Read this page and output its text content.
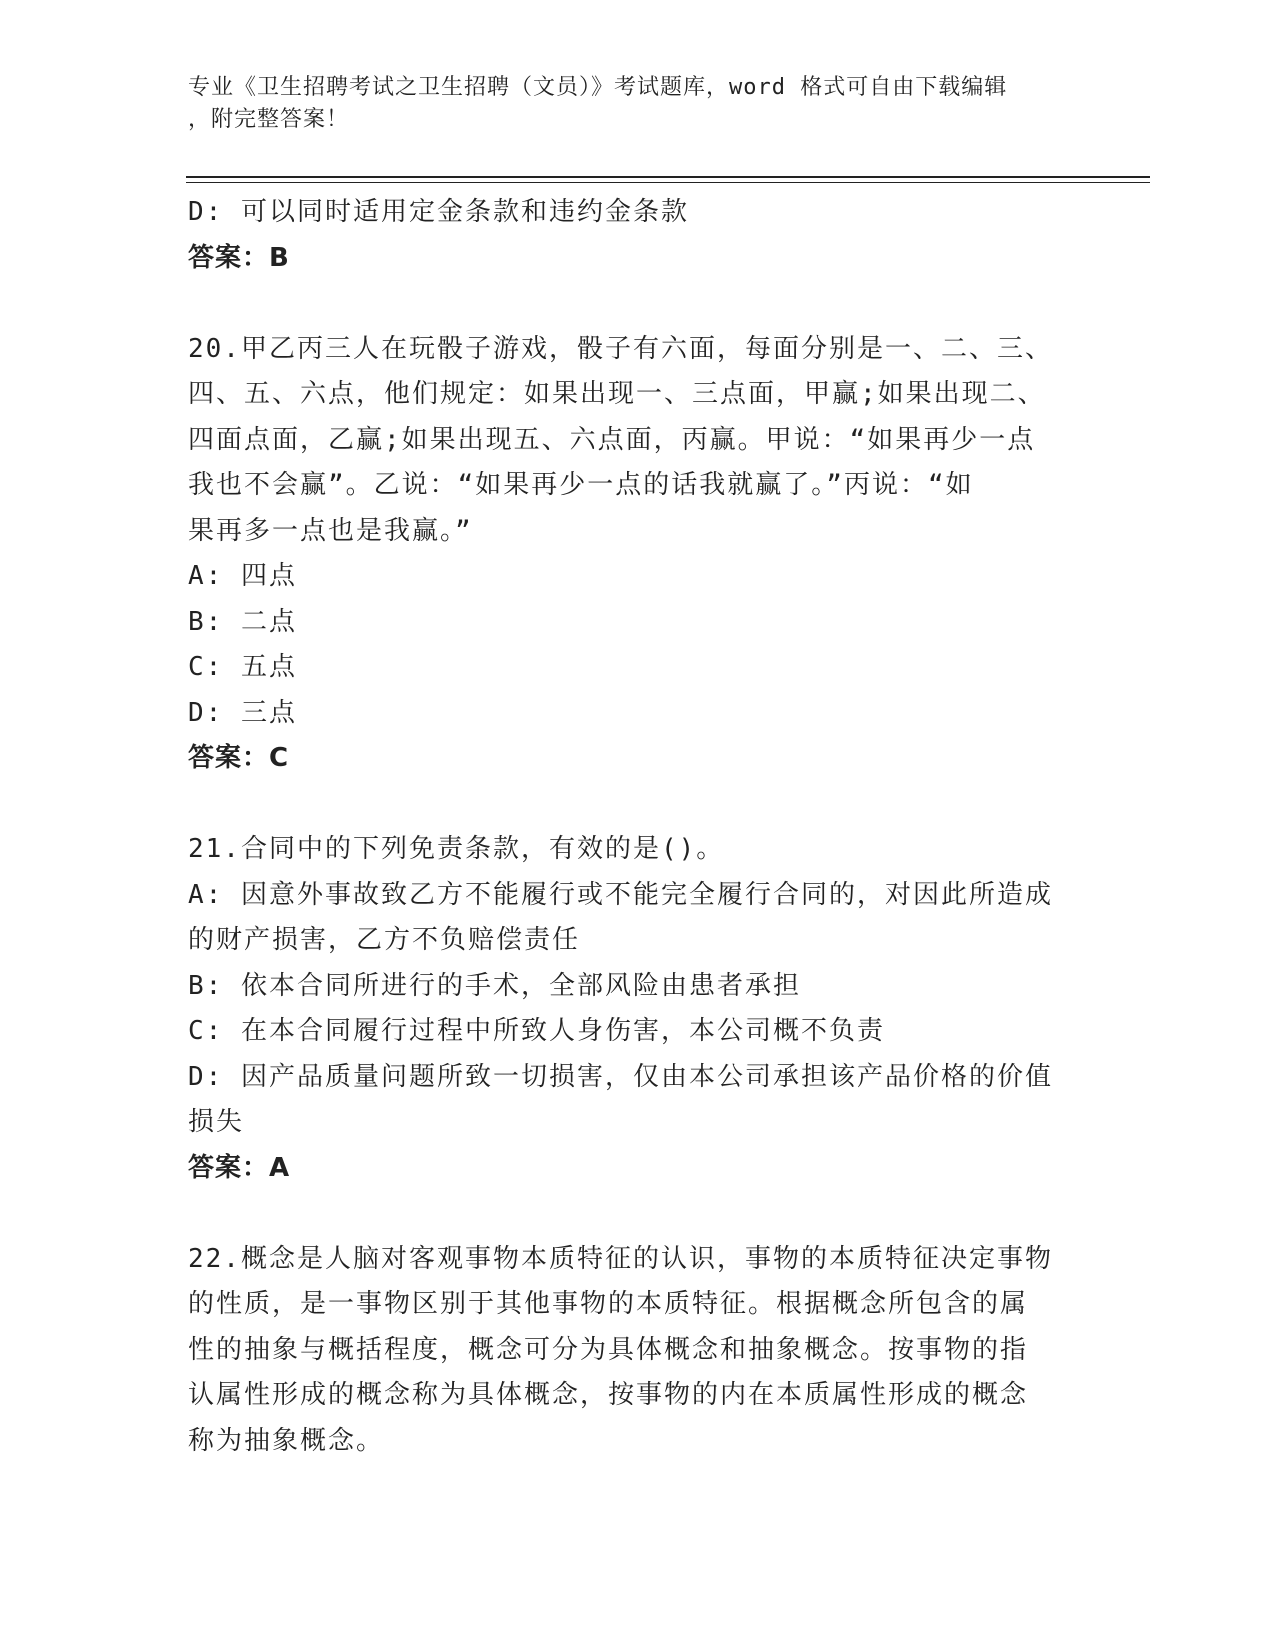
专业《卫生招聘考试之卫生招聘（文员）》考试题库，word 格式可自由下载编辑
，附完整答案！
D: 可以同时适用定金条款和违约金条款
答案：B
20.甲乙丙三人在玩骰子游戏，骰子有六面，每面分别是一、二、三、
四、五、六点，他们规定：如果出现一、三点面，甲赢;如果出现二、
四面点面，乙赢;如果出现五、六点面，丙赢。甲说：“如果再少一点
我也不会赢”。乙说：“如果再少一点的话我就赢了。”丙说：“如
果再多一点也是我赢。”
A: 四点
B: 二点
C: 五点
D: 三点
答案：C
21.合同中的下列免责条款，有效的是()。
A: 因意外事故致乙方不能履行或不能完全履行合同的，对因此所造成
的财产损害，乙方不负赔偿责任
B: 依本合同所进行的手术，全部风险由患者承担
C: 在本合同履行过程中所致人身伤害，本公司概不负责
D: 因产品质量问题所致一切损害，仅由本公司承担该产品价格的价值
损失
答案：A
22.概念是人脑对客观事物本质特征的认识，事物的本质特征决定事物
的性质，是一事物区别于其他事物的本质特征。根据概念所包含的属
性的抽象与概括程度，概念可分为具体概念和抽象概念。按事物的指
认属性形成的概念称为具体概念，按事物的内在本质属性形成的概念
称为抽象概念。
